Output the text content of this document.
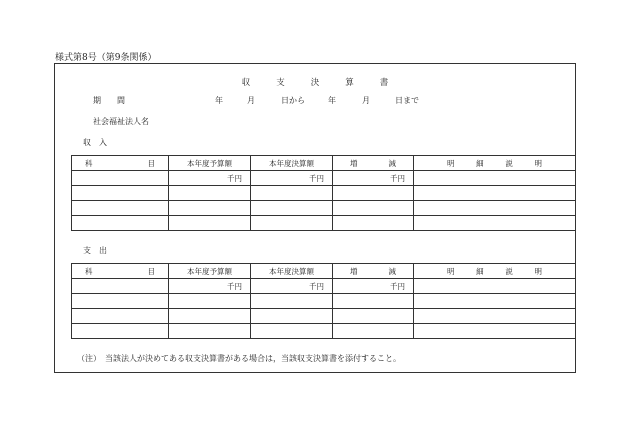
様式第8号（第9条関係）
収支決算書
期　　間	年	月	日から	年	月	日まで
社会福祉法人名
収　入
科 目	本年度予算額	本年度決算額	増 減	明 細 説 明

	千円	千円	千円	

支　出
科 目	本年度予算額	本年度決算額	増 減	明 細 説 明

	千円	千円	千円	

（注）　当該法人が決めてある収支決算書がある場合は，当該収支決算書を添付すること。
